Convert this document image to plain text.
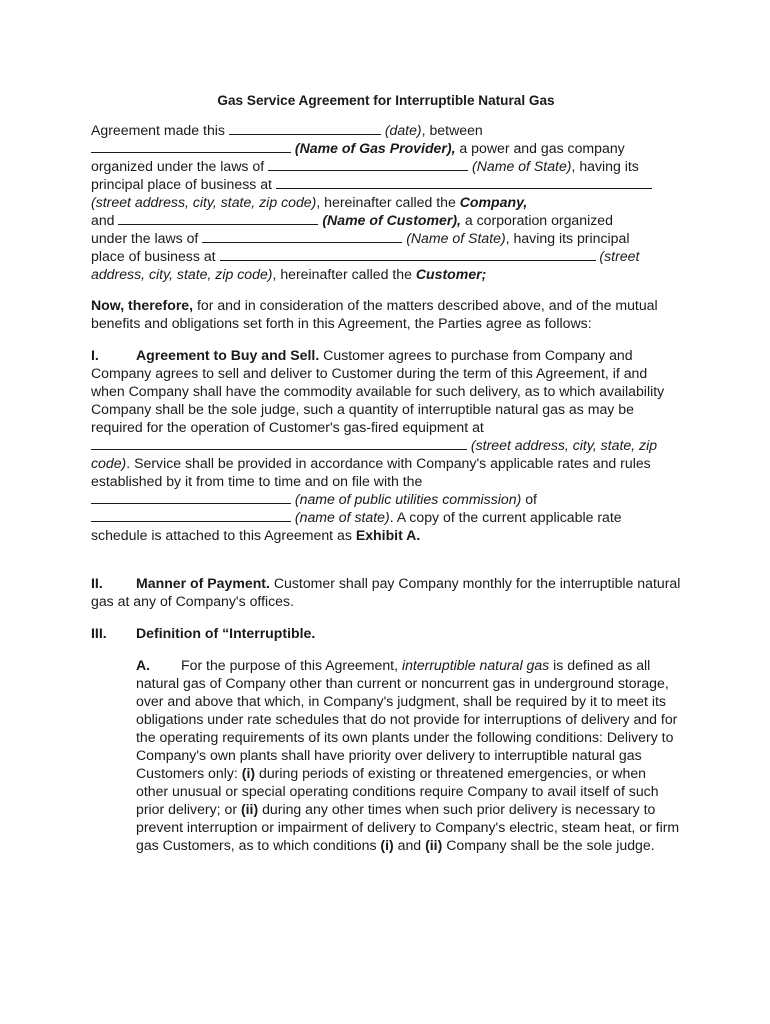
Gas Service Agreement for Interruptible Natural Gas

Agreement made this	(date), between
(Name of Gas Provider), a power and gas company
organized under the laws of	(Name of State), having its
principal place of business at
(street address, city, state, zip code), hereinafter called the Company,
and	(Name of Customer), a corporation organized
under the laws of	(Name of State), having its principal
place of business at	(street
address, city, state, zip code), hereinafter called the Customer;

Now, therefore, for and in consideration of the matters described above, and of the mutual benefits and obligations set forth in this Agreement, the Parties agree as follows:

I.	Agreement to Buy and Sell. Customer agrees to purchase from Company and Company agrees to sell and deliver to Customer during the term of this Agreement, if and when Company shall have the commodity available for such delivery, as to which availability Company shall be the sole judge, such a quantity of interruptible natural gas as may be required for the operation of Customer's gas-fired equipment at
(street address, city, state, zip code). Service shall be provided in accordance with Company's applicable rates and rules established by it from time to time and on file with the
(name of public utilities commission) of
(name of state). A copy of the current applicable rate schedule is attached to this Agreement as Exhibit A.

II. Manner of Payment. Customer shall pay Company monthly for the interruptible natural gas at any of Company's offices.

III. Definition of “Interruptible.

A. For the purpose of this Agreement, interruptible natural gas is defined as all natural gas of Company other than current or noncurrent gas in underground storage, over and above that which, in Company's judgment, shall be required by it to meet its obligations under rate schedules that do not provide for interruptions of delivery and for the operating requirements of its own plants under the following conditions: Delivery to Company's own plants shall have priority over delivery to interruptible natural gas Customers only: (i) during periods of existing or threatened emergencies, or when other unusual or special operating conditions require Company to avail itself of such prior delivery; or (ii) during any other times when such prior delivery is necessary to prevent interruption or impairment of delivery to Company's electric, steam heat, or firm gas Customers, as to which conditions (i) and (ii) Company shall be the sole judge.
